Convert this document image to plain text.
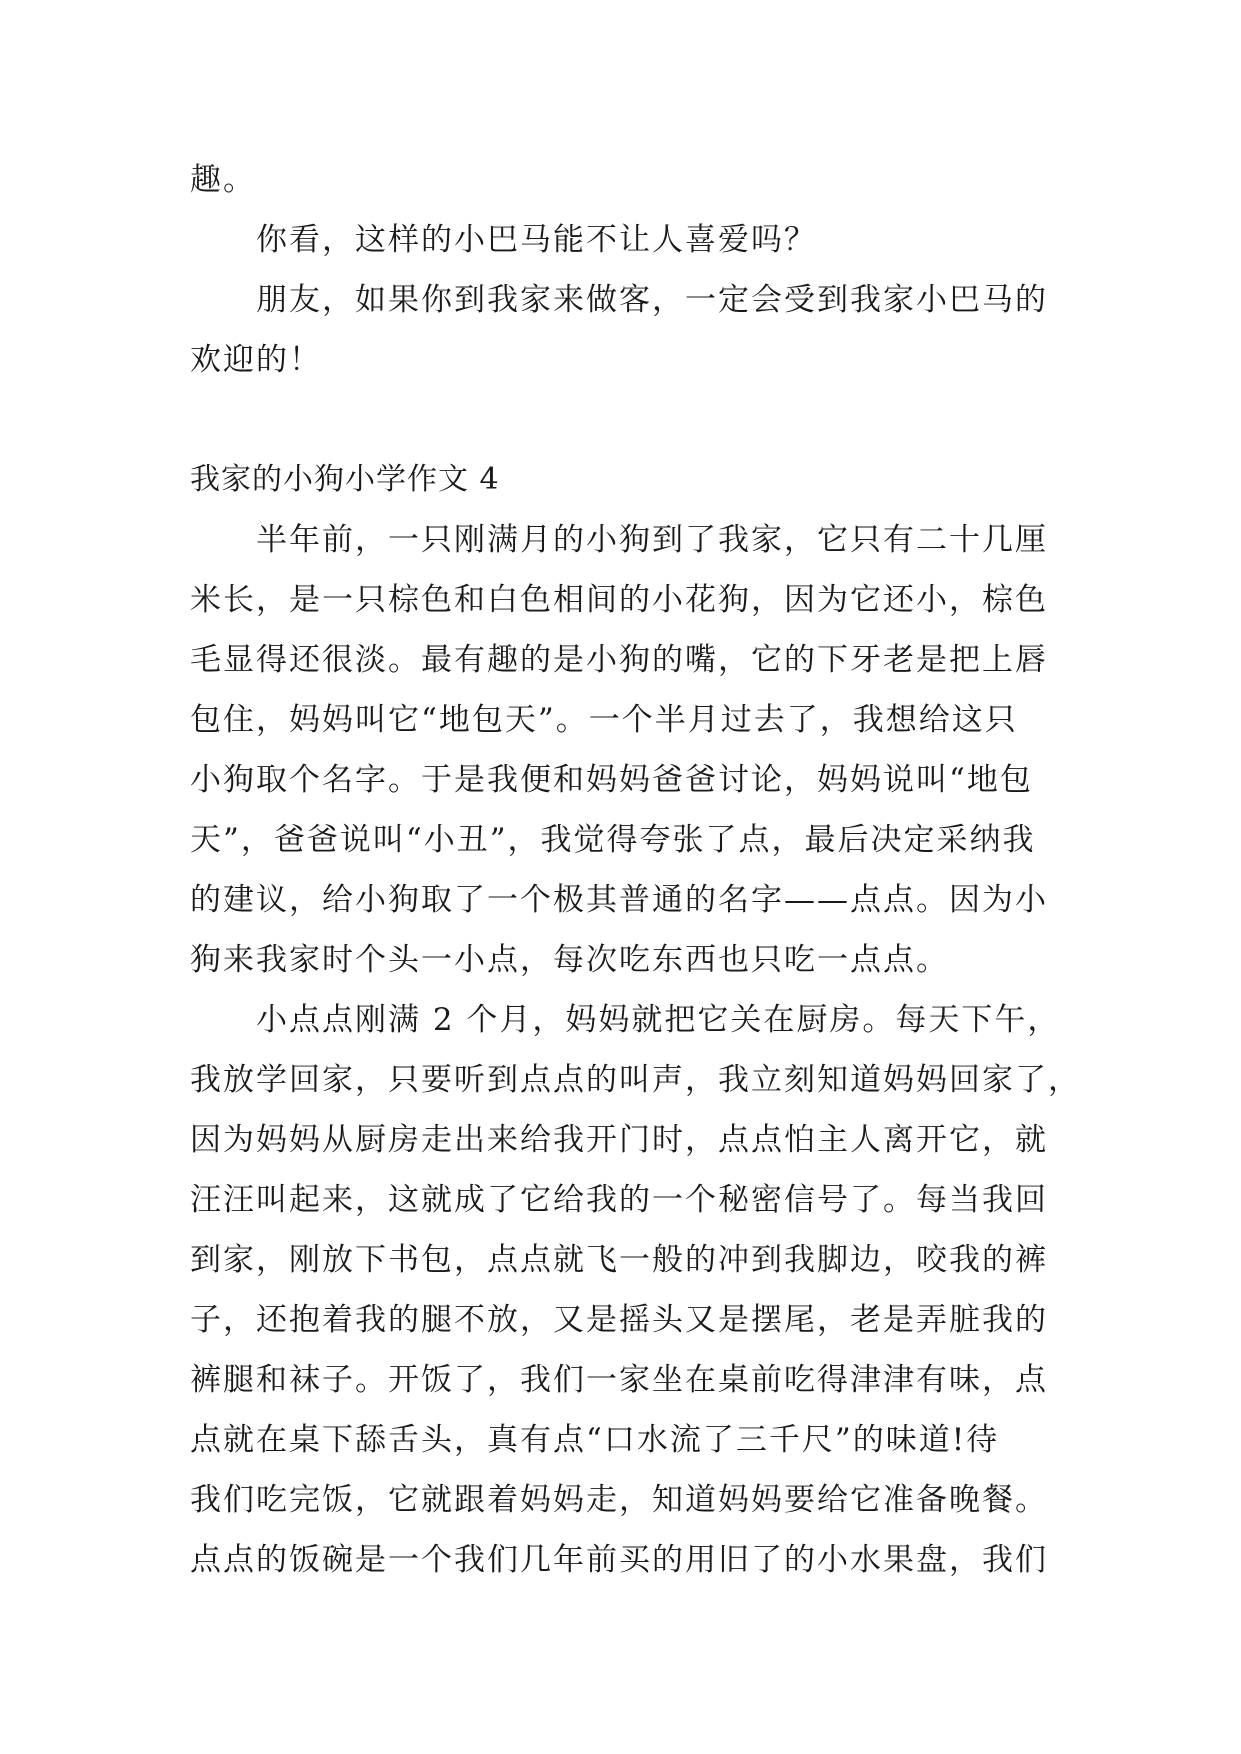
趣。
你看，这样的小巴马能不让人喜爱吗？
朋友，如果你到我家来做客，一定会受到我家小巴马的
欢迎的！
我家的小狗小学作文 4
半年前，一只刚满月的小狗到了我家，它只有二十几厘
米长，是一只棕色和白色相间的小花狗，因为它还小，棕色
毛显得还很淡。最有趣的是小狗的嘴，它的下牙老是把上唇
包住，妈妈叫它“地包天”。一个半月过去了，我想给这只
小狗取个名字。于是我便和妈妈爸爸讨论，妈妈说叫“地包
天”，爸爸说叫“小丑”，我觉得夸张了点，最后决定采纳我
的建议，给小狗取了一个极其普通的名字——点点。因为小
狗来我家时个头一小点，每次吃东西也只吃一点点。
小点点刚满 2 个月，妈妈就把它关在厨房。每天下午，
我放学回家，只要听到点点的叫声，我立刻知道妈妈回家了，
因为妈妈从厨房走出来给我开门时，点点怕主人离开它，就
汪汪叫起来，这就成了它给我的一个秘密信号了。每当我回
到家，刚放下书包，点点就飞一般的冲到我脚边，咬我的裤
子，还抱着我的腿不放，又是摇头又是摆尾，老是弄脏我的
裤腿和袜子。开饭了，我们一家坐在桌前吃得津津有味，点
点就在桌下舔舌头，真有点“口水流了三千尺”的味道!待
我们吃完饭，它就跟着妈妈走，知道妈妈要给它准备晚餐。
点点的饭碗是一个我们几年前买的用旧了的小水果盘，我们
